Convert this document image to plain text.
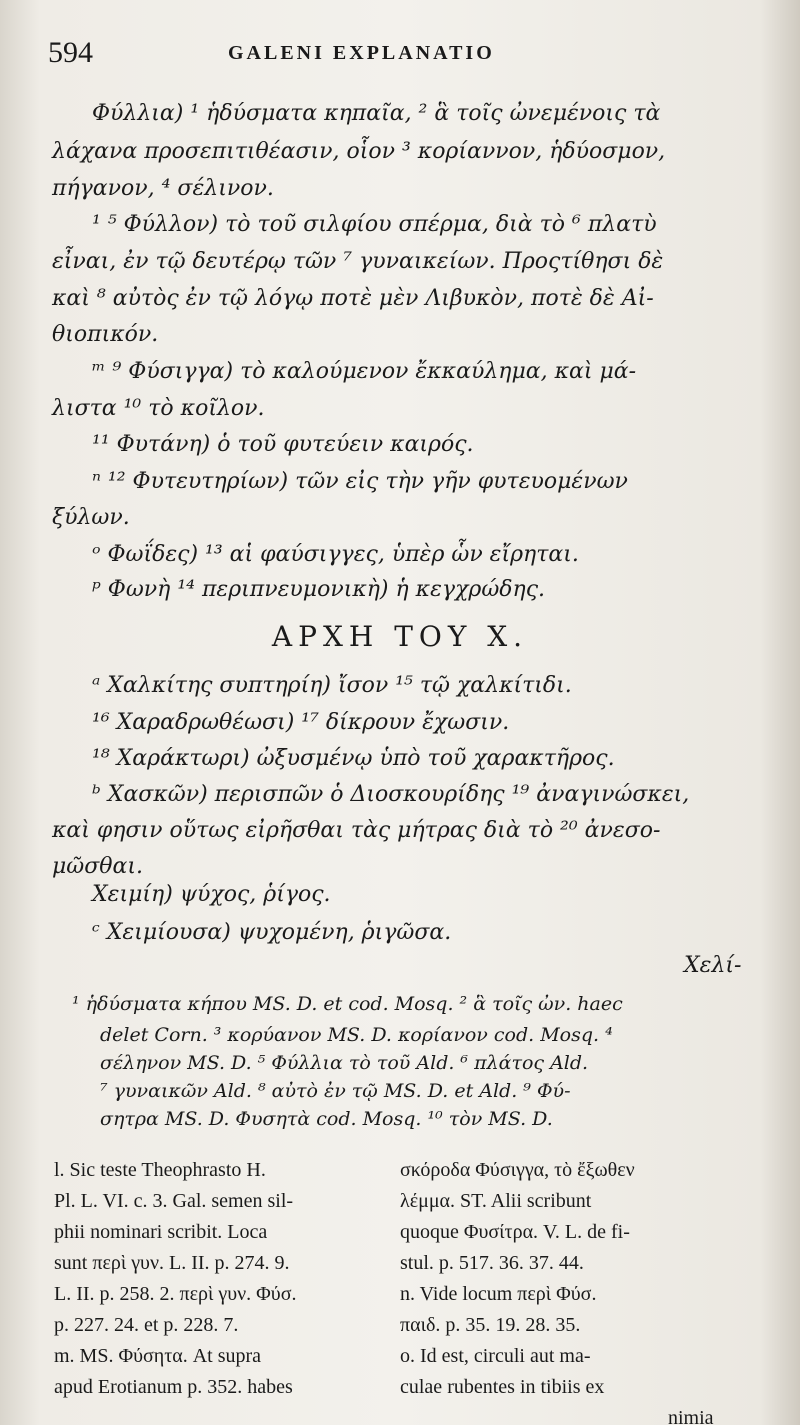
594	GALENI EXPLANATIO
Φύλλια) ¹ ἡδύσματα κηπαῖα, ² ἃ τοῖς ὠνεμένοις τὰ
λάχανα προσεπιτιθέασιν, οἷον ³ κορίαννον, ἡδύοσμον,
πήγανον, ⁴ σέλινον.
¹ ⁵ Φύλλον) τὸ τοῦ σιλφίου σπέρμα, διὰ τὸ ⁶ πλατὺ
εἶναι, ἐν τῷ δευτέρῳ τῶν ⁷ γυναικείων. Προςτίθησι δὲ
καὶ ⁸ αὐτὸς ἐν τῷ λόγῳ ποτὲ μὲν Λιβυκὸν, ποτὲ δὲ Αἰ-
θιοπικόν.
ᵐ ⁹ Φύσιγγα) τὸ καλούμενον ἔκκαύλημα, καὶ μά-
λιστα ¹⁰ τὸ κοῖλον.
¹¹ Φυτάνη) ὁ τοῦ φυτεύειν καιρός.
ⁿ ¹² Φυτευτηρίων) τῶν εἰς τὴν γῆν φυτευομένων
ξύλων.
ᵒ Φωΐδες) ¹³ αἱ φαύσιγγες, ὑπὲρ ὧν εἴρηται.
ᵖ Φωνὴ ¹⁴ περιπνευμονικὴ) ἡ κεγχρώδης.
ΑΡΧΗ ΤΟΥ Χ.
ᵃ Χαλκίτης συπτηρίη) ἴσον ¹⁵ τῷ χαλκίτιδι.
¹⁶ Χαραδρωθέωσι) ¹⁷ δίκρουν ἔχωσιν.
¹⁸ Χαράκτωρι) ὠξυσμένῳ ὑπὸ τοῦ χαρακτῆρος.
ᵇ Χασκῶν) περισπῶν ὁ Διοσκουρίδης ¹⁹ ἀναγινώσκει,
καὶ φησιν οὕτως εἰρῆσθαι τὰς μήτρας διὰ τὸ ²⁰ ἀνεσο-
μῶσθαι.
Χειμίη) ψύχος, ῥίγος.
ᶜ Χειμίουσα) ψυχομένη, ῥιγῶσα.
Χελί-
¹ ἡδύσματα κήπου MS. D. et cod. Mosq. ² ἃ τοῖς ὠν. haec
delet Corn. ³ κορύανον MS. D. κορίανον cod. Mosq. ⁴
σέληνον MS. D. ⁵ Φύλλια τὸ τοῦ Ald. ⁶ πλάτος Ald.
⁷ γυναικῶν Ald. ⁸ αὐτὸ ἐν τῷ MS. D. et Ald. ⁹ Φύ-
σητρα MS. D. Φυσητὰ cod. Mosq. ¹⁰ τὸν MS. D.
l. Sic teste Theophrasto H.
Pl. L. VI. c. 3. Gal. semen sil-
phii nominari scribit. Loca
sunt περὶ γυν. L. II. p. 274. 9.
L. II. p. 258. 2. περὶ γυν. Φύσ.
p. 227. 24. et p. 228. 7.
m. MS. Φύσητα. At supra
apud Erotianum p. 352. habes
σκόροδα Φύσιγγα, τὸ ἔξωθεν
λέμμα. ST. Alii scribunt
quoque Φυσίτρα. V. L. de fi-
stul. p. 517. 36. 37. 44.
n. Vide locum περὶ Φύσ.
παιδ. p. 35. 19. 28. 35.
o. Id est, circuli aut ma-
culae rubentes in tibiis ex
nimia
